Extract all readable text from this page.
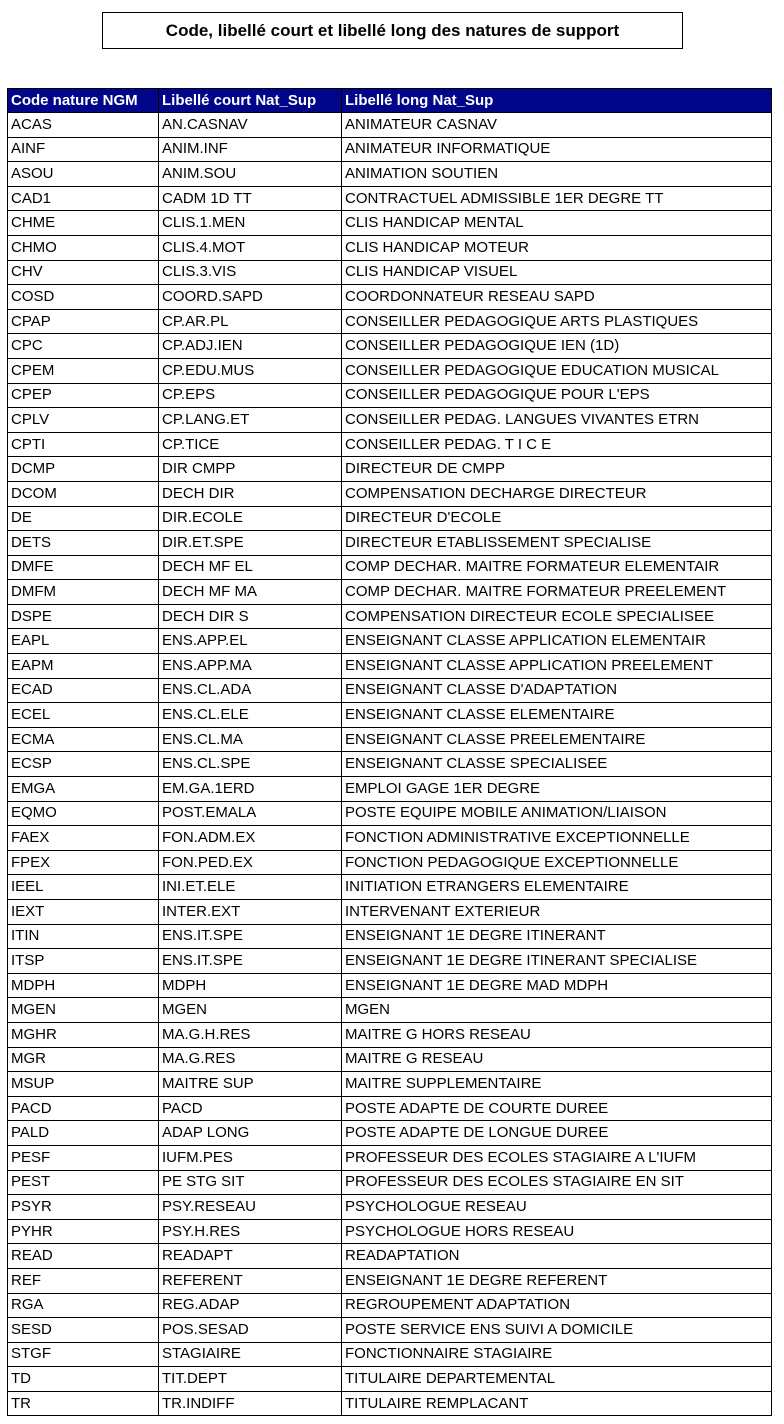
Code, libellé court et libellé long des natures de support
Code nature NGM	Libellé court Nat_Sup	Libellé long Nat_Sup
ACAS	AN.CASNAV	ANIMATEUR CASNAV
AINF	ANIM.INF	ANIMATEUR INFORMATIQUE
ASOU	ANIM.SOU	ANIMATION SOUTIEN
CAD1	CADM 1D TT	CONTRACTUEL ADMISSIBLE 1ER DEGRE TT
CHME	CLIS.1.MEN	CLIS HANDICAP MENTAL
CHMO	CLIS.4.MOT	CLIS HANDICAP MOTEUR
CHV	CLIS.3.VIS	CLIS HANDICAP VISUEL
COSD	COORD.SAPD	COORDONNATEUR RESEAU SAPD
CPAP	CP.AR.PL	CONSEILLER PEDAGOGIQUE ARTS PLASTIQUES
CPC	CP.ADJ.IEN	CONSEILLER PEDAGOGIQUE IEN (1D)
CPEM	CP.EDU.MUS	CONSEILLER PEDAGOGIQUE EDUCATION MUSICAL
CPEP	CP.EPS	CONSEILLER PEDAGOGIQUE POUR L'EPS
CPLV	CP.LANG.ET	CONSEILLER PEDAG. LANGUES VIVANTES ETRN
CPTI	CP.TICE	CONSEILLER PEDAG. T I C E
DCMP	DIR CMPP	DIRECTEUR DE CMPP
DCOM	DECH DIR	COMPENSATION DECHARGE DIRECTEUR
DE	DIR.ECOLE	DIRECTEUR D'ECOLE
DETS	DIR.ET.SPE	DIRECTEUR ETABLISSEMENT SPECIALISE
DMFE	DECH MF EL	COMP DECHAR. MAITRE FORMATEUR ELEMENTAIR
DMFM	DECH MF MA	COMP DECHAR. MAITRE FORMATEUR PREELEMENT
DSPE	DECH DIR S	COMPENSATION DIRECTEUR ECOLE SPECIALISEE
EAPL	ENS.APP.EL	ENSEIGNANT CLASSE APPLICATION ELEMENTAIR
EAPM	ENS.APP.MA	ENSEIGNANT CLASSE APPLICATION PREELEMENT
ECAD	ENS.CL.ADA	ENSEIGNANT CLASSE D'ADAPTATION
ECEL	ENS.CL.ELE	ENSEIGNANT CLASSE ELEMENTAIRE
ECMA	ENS.CL.MA	ENSEIGNANT CLASSE PREELEMENTAIRE
ECSP	ENS.CL.SPE	ENSEIGNANT CLASSE SPECIALISEE
EMGA	EM.GA.1ERD	EMPLOI GAGE 1ER DEGRE
EQMO	POST.EMALA	POSTE EQUIPE MOBILE ANIMATION/LIAISON
FAEX	FON.ADM.EX	FONCTION ADMINISTRATIVE EXCEPTIONNELLE
FPEX	FON.PED.EX	FONCTION PEDAGOGIQUE EXCEPTIONNELLE
IEEL	INI.ET.ELE	INITIATION ETRANGERS ELEMENTAIRE
IEXT	INTER.EXT	INTERVENANT EXTERIEUR
ITIN	ENS.IT.SPE	ENSEIGNANT 1E DEGRE ITINERANT
ITSP	ENS.IT.SPE	ENSEIGNANT 1E DEGRE ITINERANT SPECIALISE
MDPH	MDPH	ENSEIGNANT 1E DEGRE MAD MDPH
MGEN	MGEN	MGEN
MGHR	MA.G.H.RES	MAITRE G HORS RESEAU
MGR	MA.G.RES	MAITRE G RESEAU
MSUP	MAITRE SUP	MAITRE SUPPLEMENTAIRE
PACD	PACD	POSTE ADAPTE DE COURTE DUREE
PALD	ADAP LONG	POSTE ADAPTE DE LONGUE DUREE
PESF	IUFM.PES	PROFESSEUR DES ECOLES STAGIAIRE A L'IUFM
PEST	PE STG SIT	PROFESSEUR DES ECOLES STAGIAIRE EN SIT
PSYR	PSY.RESEAU	PSYCHOLOGUE RESEAU
PYHR	PSY.H.RES	PSYCHOLOGUE HORS RESEAU
READ	READAPT	READAPTATION
REF	REFERENT	ENSEIGNANT 1E DEGRE REFERENT
RGA	REG.ADAP	REGROUPEMENT ADAPTATION
SESD	POS.SESAD	POSTE SERVICE ENS SUIVI A DOMICILE
STGF	STAGIAIRE	FONCTIONNAIRE STAGIAIRE
TD	TIT.DEPT	TITULAIRE DEPARTEMENTAL
TR	TR.INDIFF	TITULAIRE REMPLACANT
